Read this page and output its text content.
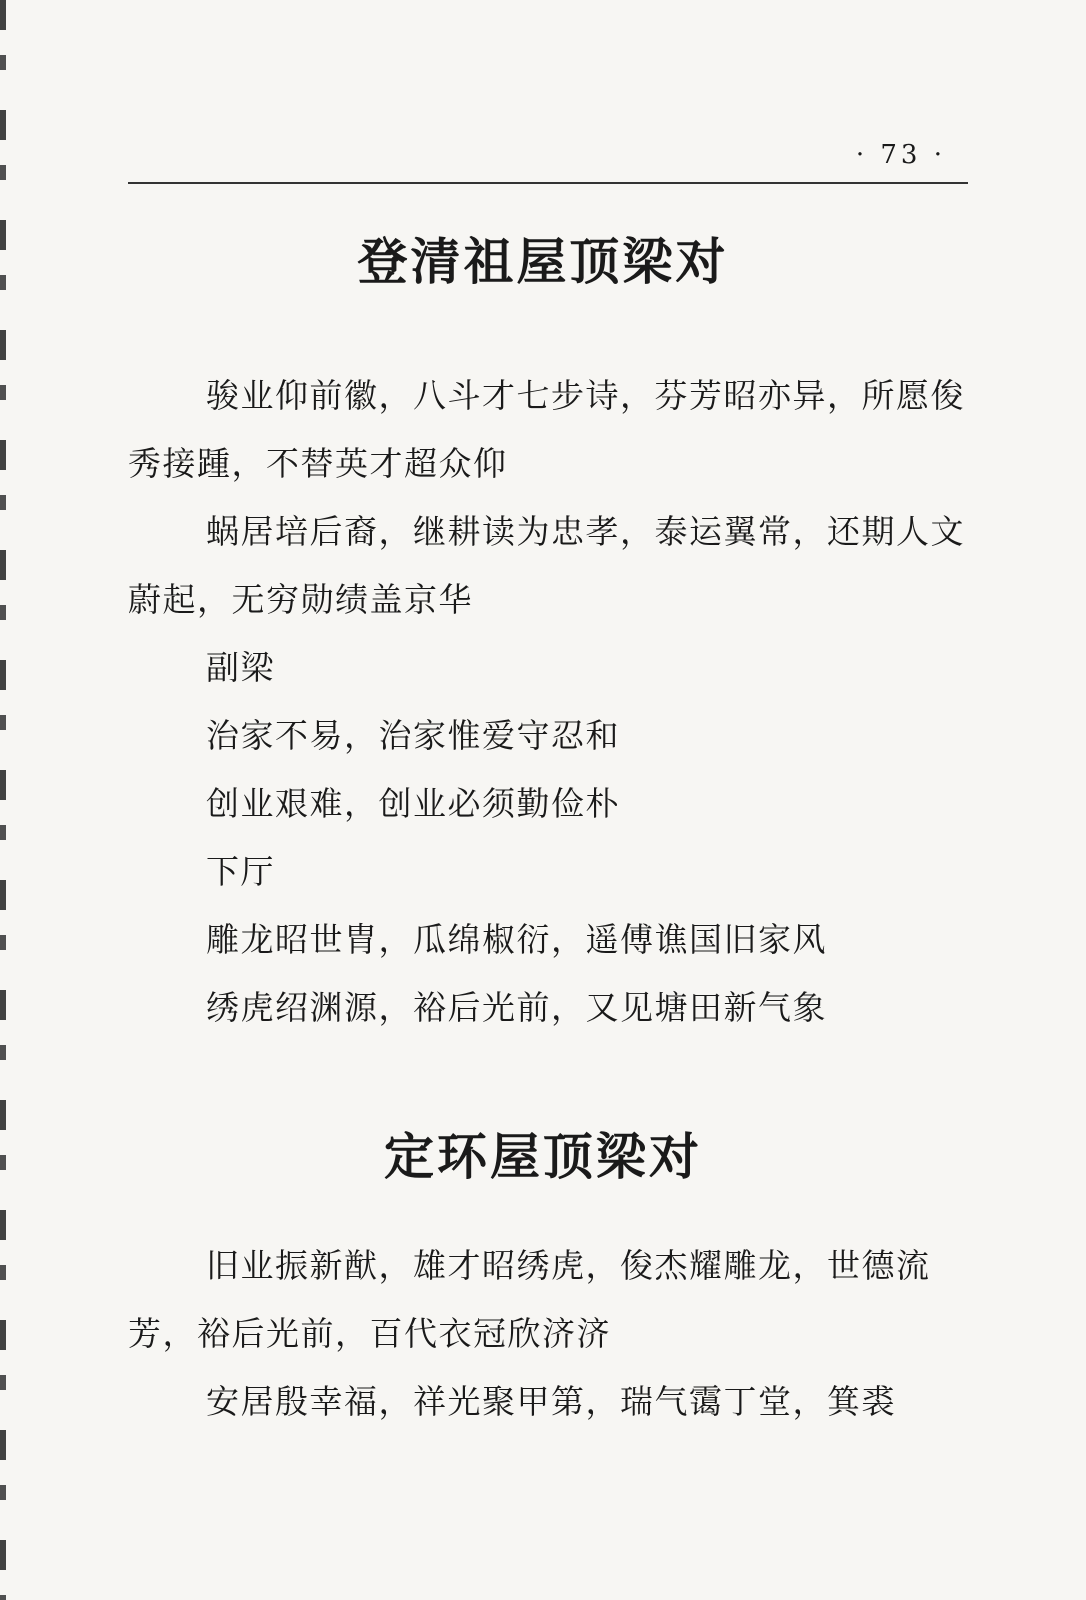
· 73 ·
登清祖屋顶梁对

骏业仰前徽，八斗才七步诗，芬芳昭亦异，所愿俊秀接踵，不替英才超众仰

蜗居培后裔，继耕读为忠孝，泰运翼常，还期人文蔚起，无穷勋绩盖京华

副梁

治家不易，治家惟爱守忍和

创业艰难，创业必须勤俭朴

下厅

雕龙昭世胄，瓜绵椒衍，遥傅谯国旧家风

绣虎绍渊源，裕后光前，又见塘田新气象

定环屋顶梁对

旧业振新猷，雄才昭绣虎，俊杰耀雕龙，世德流芳，裕后光前，百代衣冠欣济济

安居殷幸福，祥光聚甲第，瑞气霭丁堂，箕裘
